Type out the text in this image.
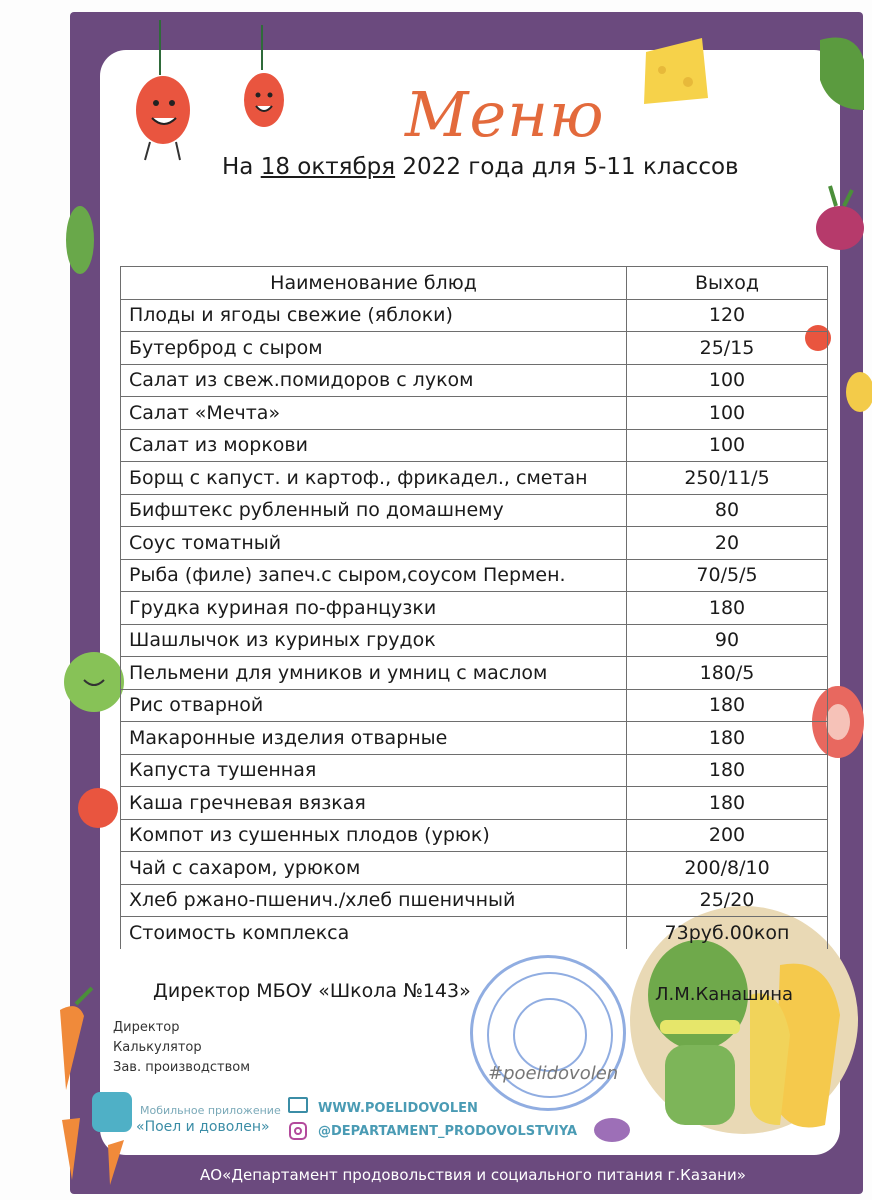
Меню
На 18 октября 2022 года для 5-11 классов
Наименование блюд	Выход
Плоды и ягоды свежие (яблоки)	120
Бутерброд с сыром	25/15
Салат из свеж.помидоров с луком	100
Салат «Мечта»	100
Салат из моркови	100
Борщ с капуст. и картоф., фрикадел., сметан	250/11/5
Бифштекс рубленный по домашнему	80
Соус томатный	20
Рыба (филе) запеч.с сыром,соусом Пермен.	70/5/5
Грудка куриная по-французки	180
Шашлычок из куриных грудок	90
Пельмени для умников и умниц с маслом	180/5
Рис отварной	180
Макаронные изделия отварные	180
Капуста тушенная	180
Каша гречневая вязкая	180
Компот из сушенных плодов (урюк)	200
Чай с сахаром, урюком	200/8/10
Хлеб ржано-пшенич./хлеб пшеничный	25/20
Стоимость комплекса	73руб.00коп
Директор МБОУ «Школа №143»	Л.М.Канашина
Директор
Калькулятор
Зав. производством	#poelidovolen
Мобильное приложение
«Поел и доволен»
WWW.POELIDOVOLEN
@DEPARTAMENT_PRODOVOLSTVIYA
АО«Департамент продовольствия и социального питания г.Казани»
